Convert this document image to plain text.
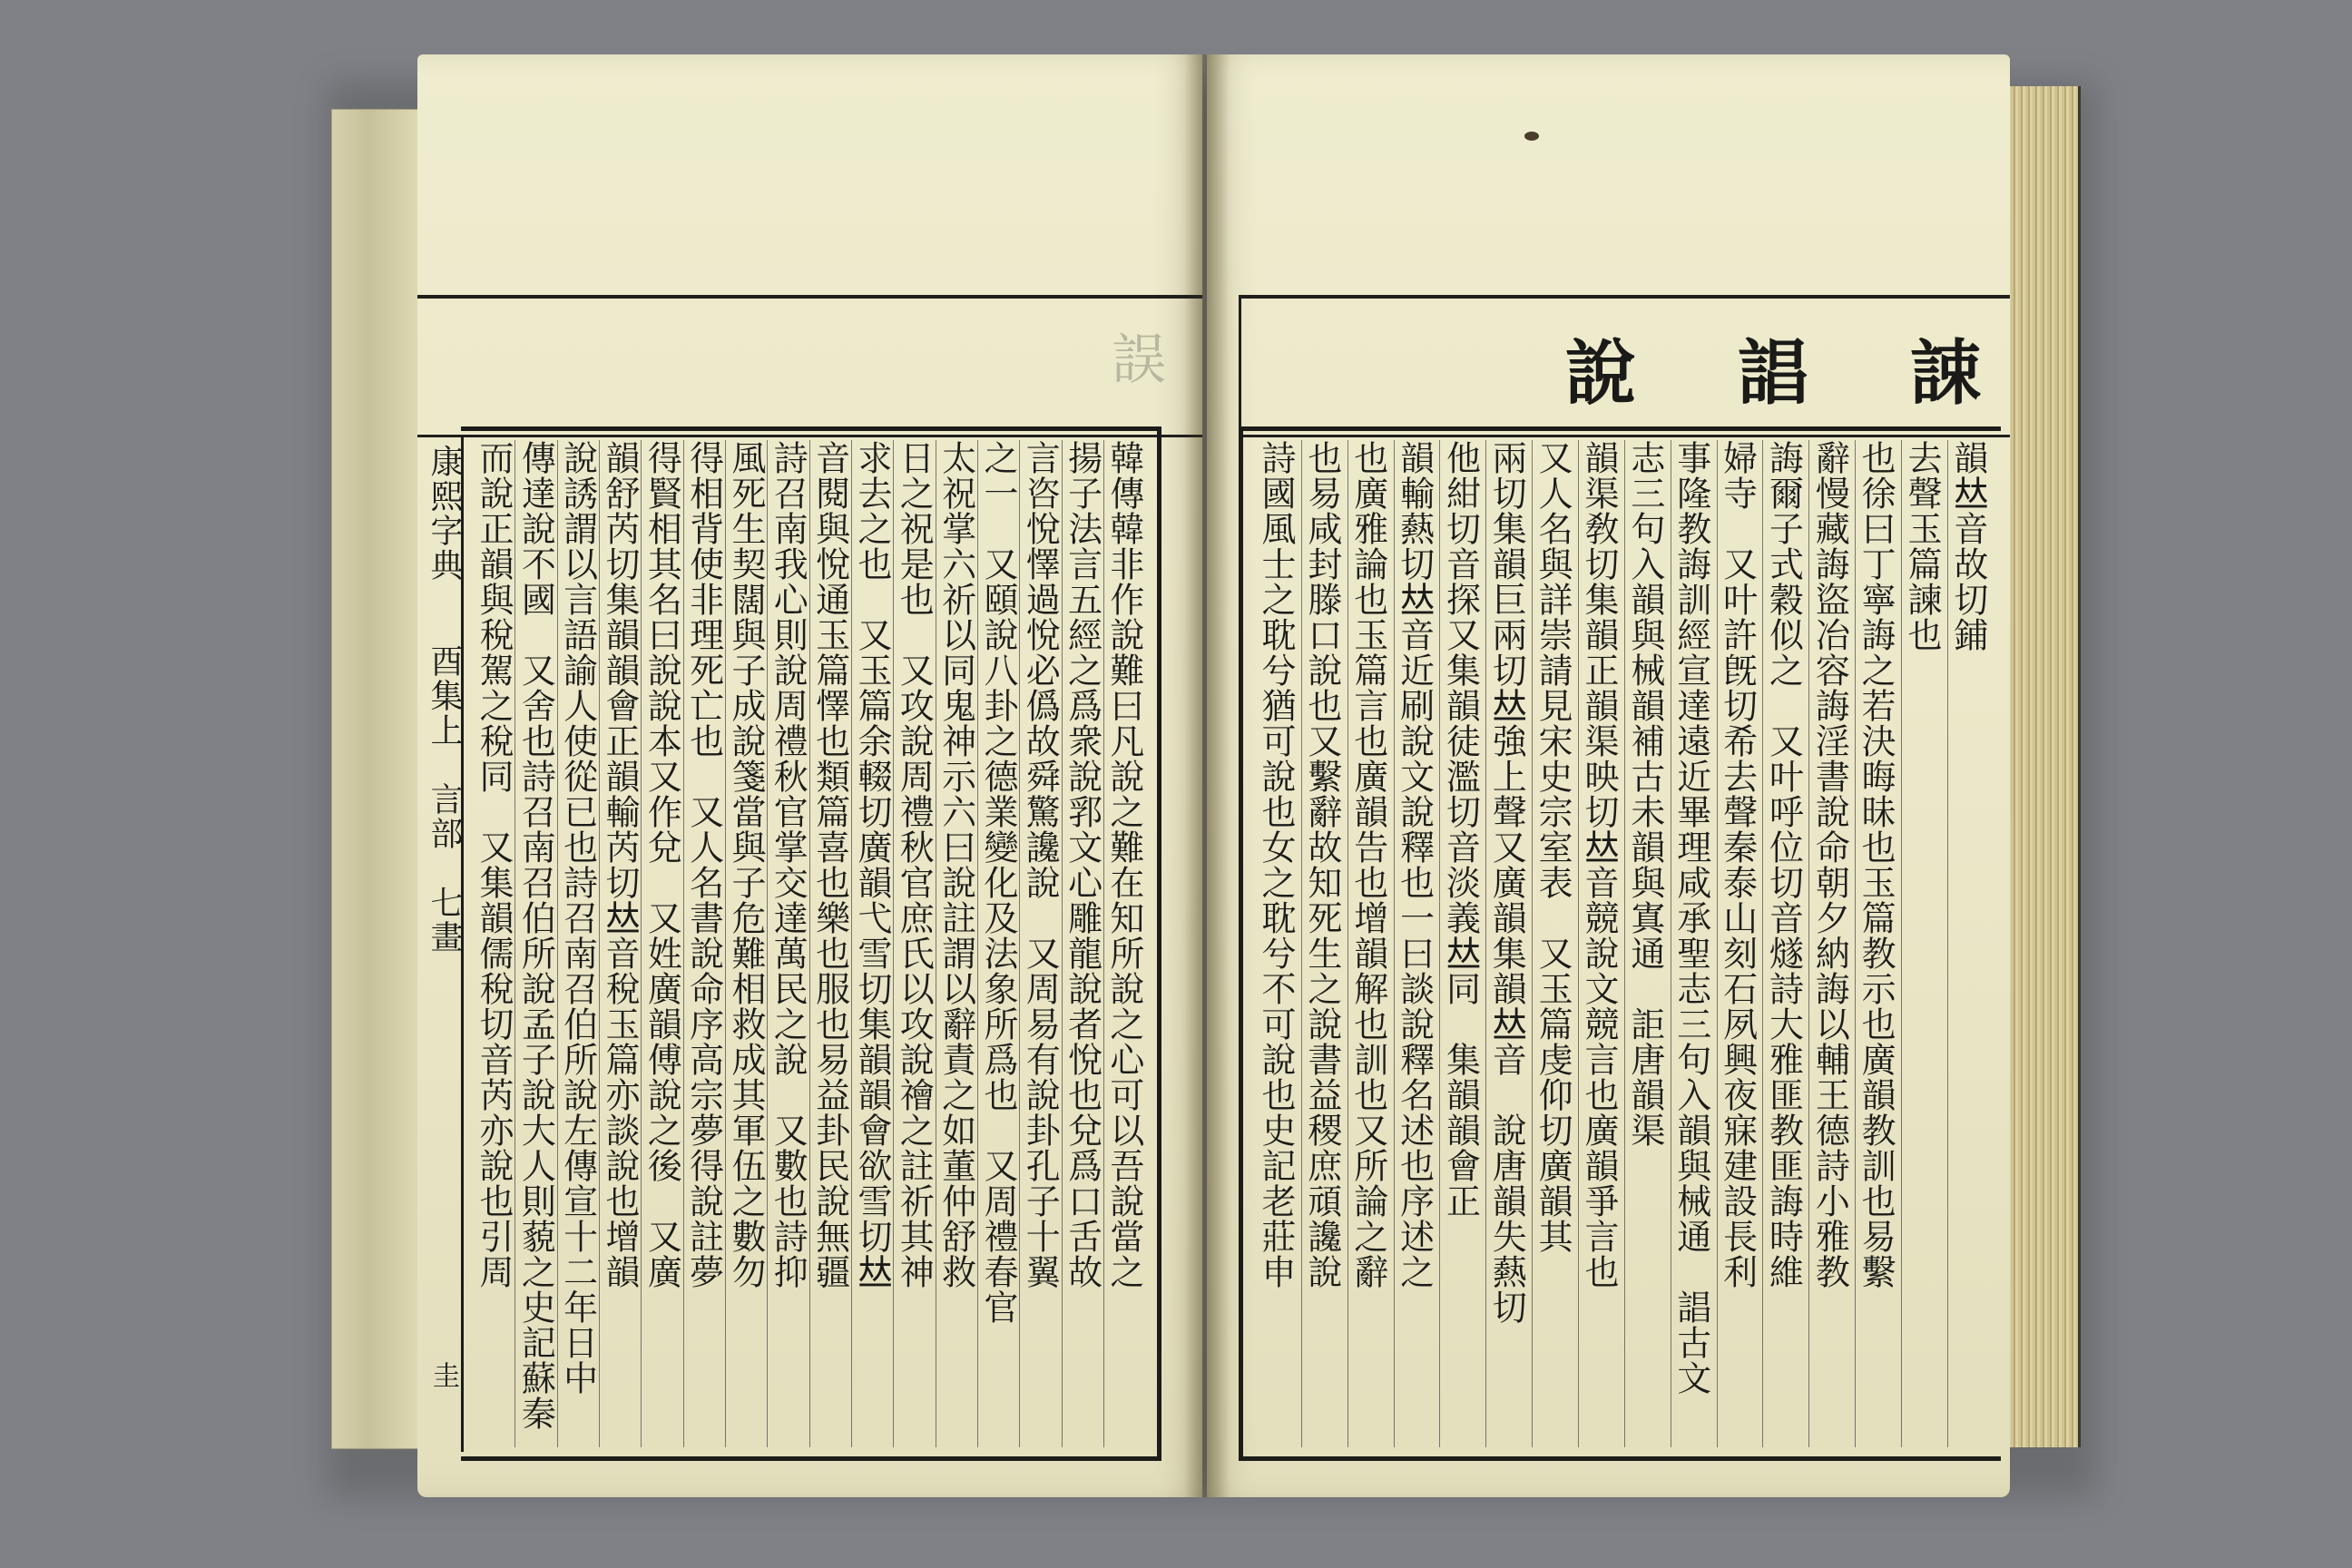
誤
康熙字典
酉集上　言部　七畫
圭
韓傳韓非作說難曰凡說之難在知所說之心可以吾說當之
揚子法言五經之爲衆說郛文心雕龍說者悅也兌爲口舌故
言咨悅懌過悅必僞故舜驚讒說　又周易有說卦孔子十翼
之一　又頤說八卦之德業變化及法象所爲也　又周禮春官
太祝掌六祈以同鬼神示六曰說註謂以辭責之如董仲舒救
日之祝是也　又攻說周禮秋官庶氏以攻說禬之註祈其神
求去之也　又玉篇余輟切廣韻弋雪切集韻韻會欲雪切𠀤
音閱與悅通玉篇懌也類篇喜也樂也服也易益卦民說無疆
詩召南我心則說周禮秋官掌交達萬民之說　又數也詩抑
風死生契闊與子成說箋當與子危難相救成其軍伍之數勿
得相背使非理死亡也　又人名書說命序高宗夢得說註夢
得賢相其名曰說說本又作兌　又姓廣韻傅說之後　又廣
韻舒芮切集韻韻會正韻輸芮切𠀤音稅玉篇亦談說也增韻
說誘謂以言語諭人使從已也詩召南召伯所說左傳宣十二年日中
傳達說不國　又舍也詩召南召伯所說孟子說大人則藐之史記蘇秦
而說正韻與稅駕之稅同　又集韻儒稅切音芮亦說也引周
說 誯 誎
韻𠀤音故切鋪
去聲玉篇諫也
也徐曰丁寧誨之若決晦昧也玉篇教示也廣韻教訓也易繫
辭慢藏誨盜冶容誨淫書說命朝夕納誨以輔王德詩小雅教
誨爾子式穀似之　又叶呼位切音燧詩大雅匪教匪誨時維
婦寺　又叶許旣切希去聲秦泰山刻石夙興夜寐建設長利
事隆教誨訓經宣達遠近畢理咸承聖志三句入韻與械通　誯古文
志三句入韻與械韻補古未韻與寘通　詎唐韻渠
韻渠敎切集韻正韻渠映切𠀤音競說文競言也廣韻爭言也
又人名與詳崇請見宋史宗室表　又玉篇虔仰切廣韻其
兩切集韻巨兩切𠀤強上聲又廣韻集韻𠀤音　說唐韻失爇切
他紺切音探又集韻徒濫切音淡義𠀤同　集韻韻會正
韻輸爇切𠀤音近刷說文說釋也一曰談說釋名述也序述之
也廣雅論也玉篇言也廣韻告也增韻解也訓也又所論之辭
也易咸封滕口說也又繫辭故知死生之說書益稷庶頑讒說
詩國風士之耽兮猶可說也女之耽兮不可說也史記老莊申
